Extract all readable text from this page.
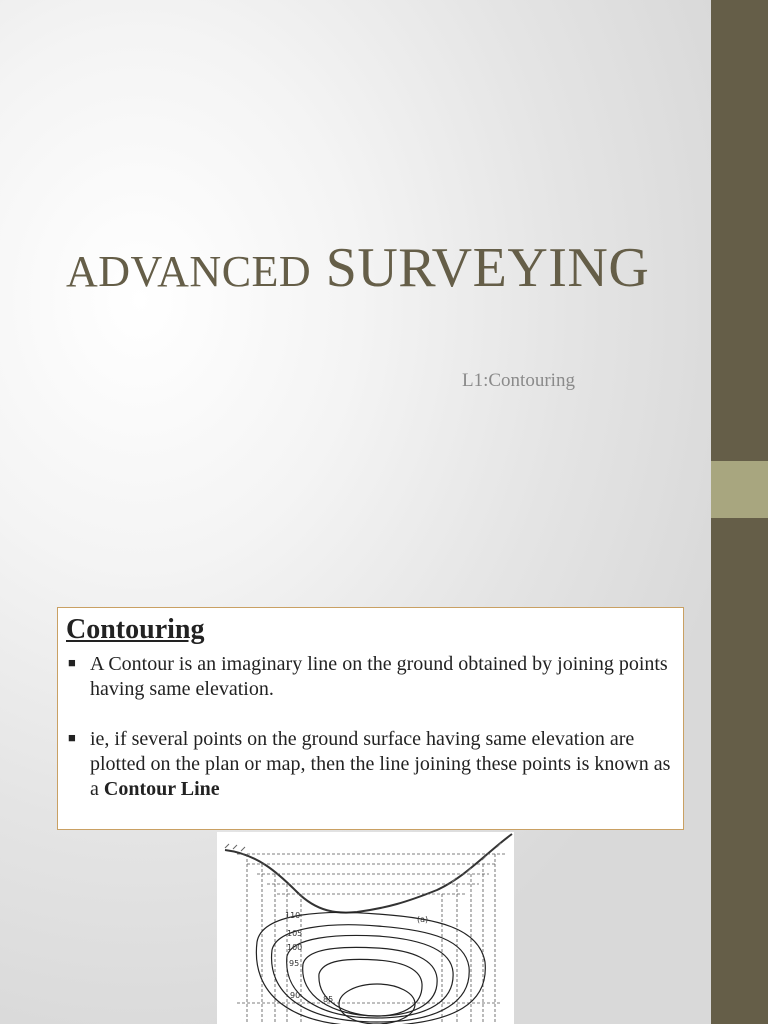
ADVANCED SURVEYING
L1:Contouring
Contouring
■ A Contour is an imaginary line on the ground obtained by joining points having same elevation.
■ ie, if several points on the ground surface having same elevation are plotted on the plan or map, then the line joining these points is known as a Contour Line
(a)
110
105
100
95
90	85
